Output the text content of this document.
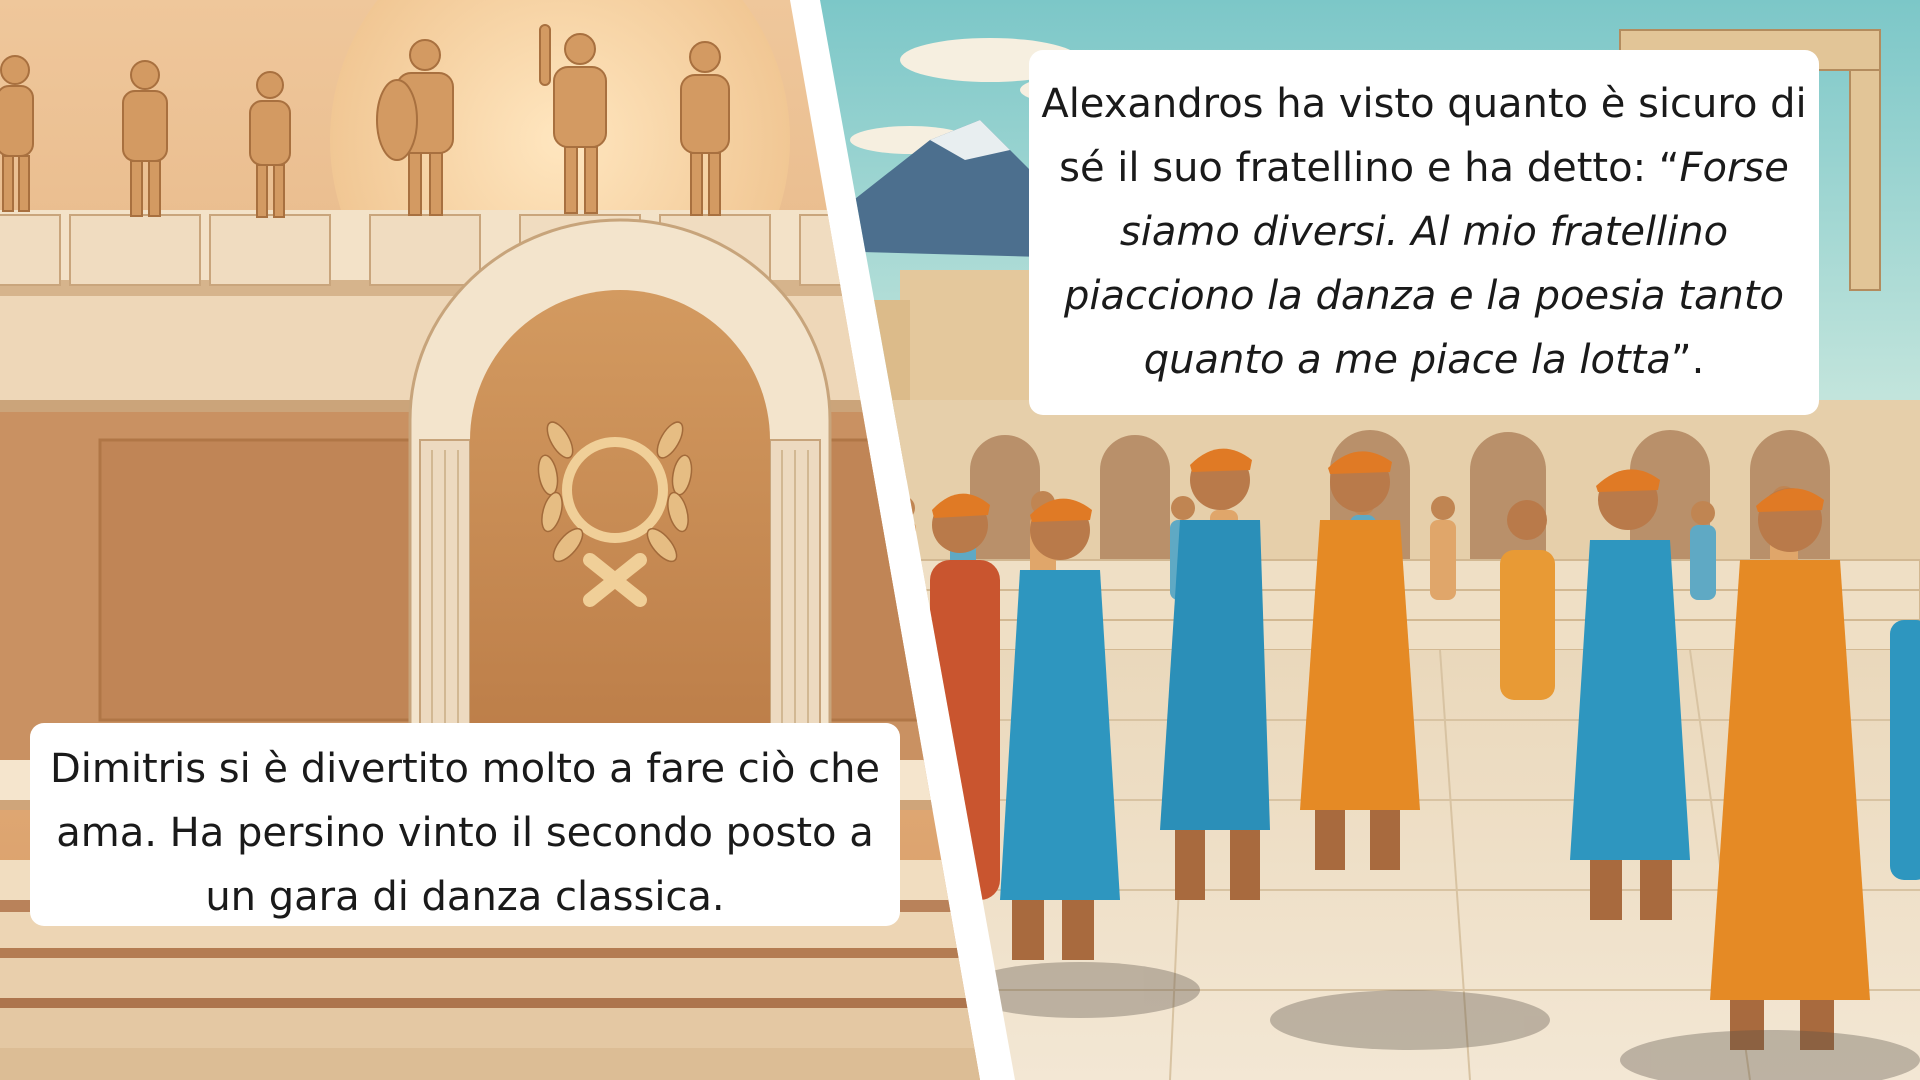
Dimitris si è divertito molto a fare ciò che ama. Ha persino vinto il secondo posto a un gara di danza classica.
Alexandros ha visto quanto è sicuro di sé il suo fratellino e ha detto: “Forse siamo diversi. Al mio fratellino piacciono la danza e la poesia tanto quanto a me piace la lotta”.
